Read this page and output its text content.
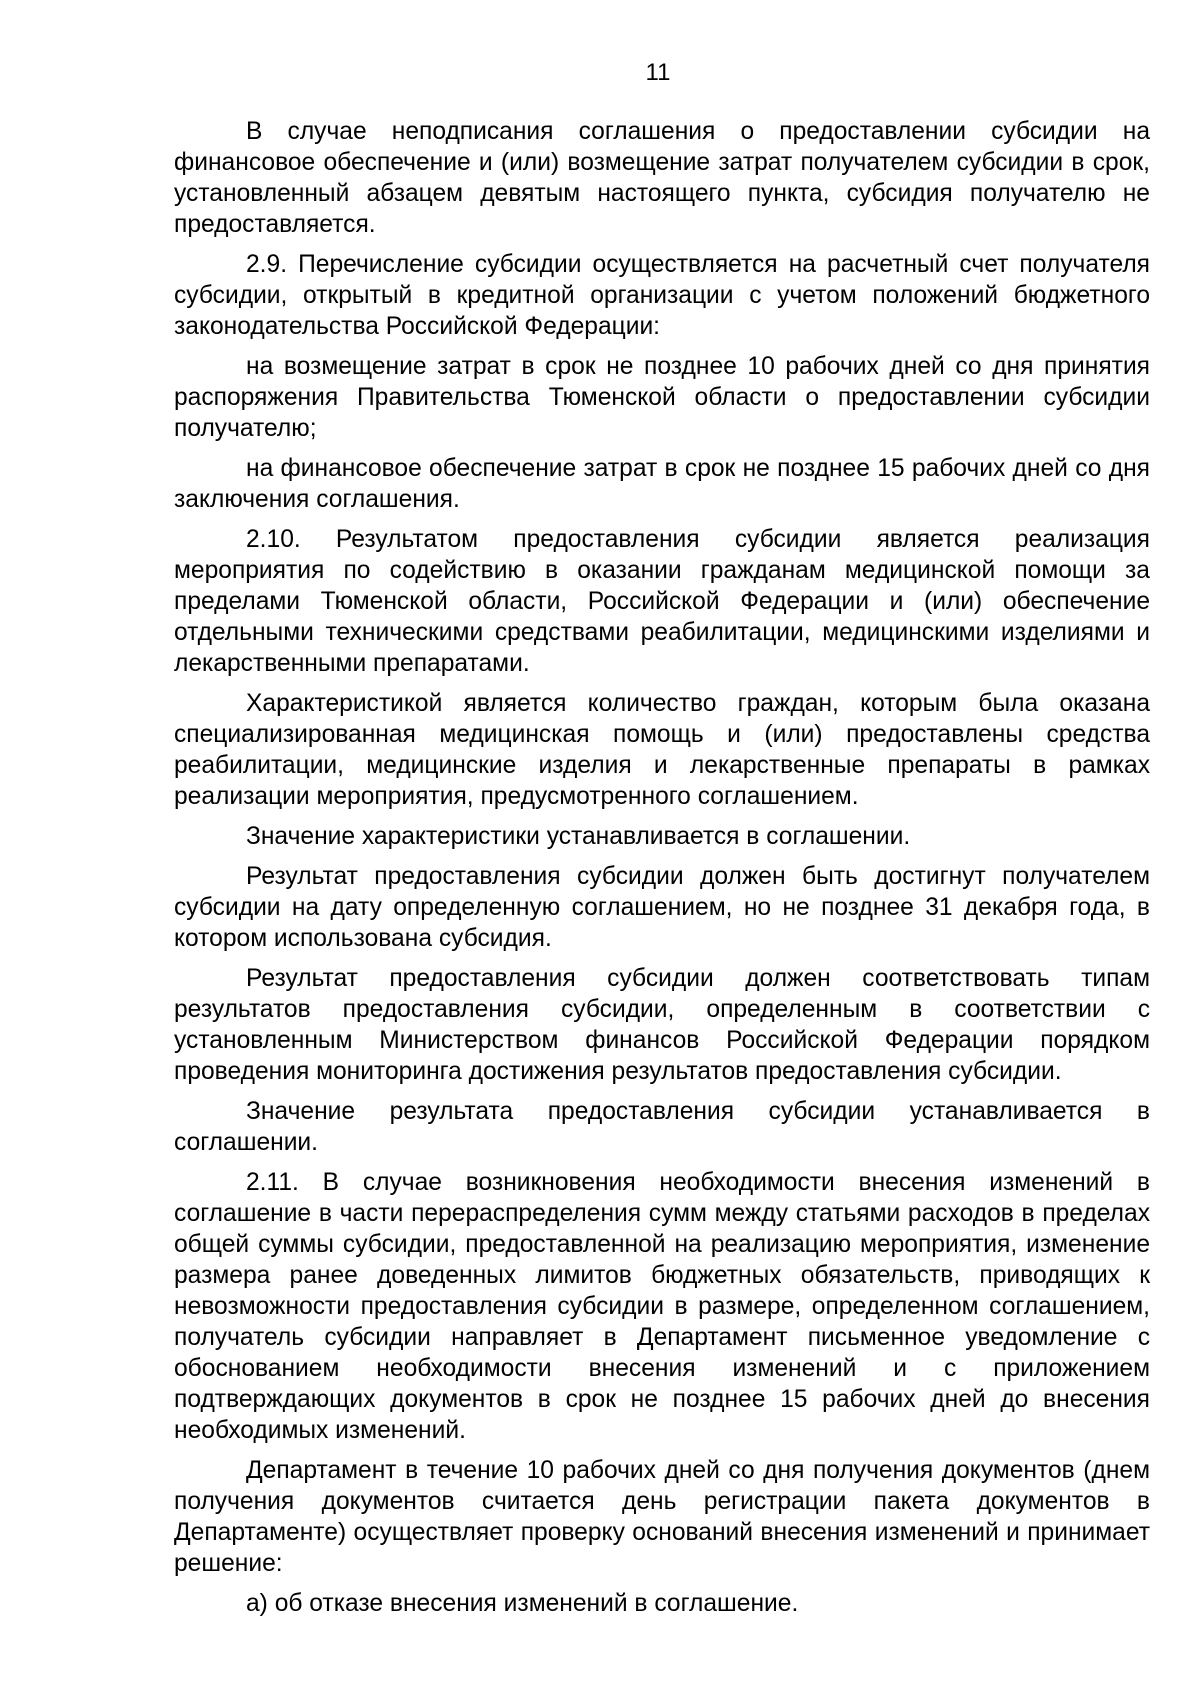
11

В случае неподписания соглашения о предоставлении субсидии на финансовое обеспечение и (или) возмещение затрат получателем субсидии в срок, установленный абзацем девятым настоящего пункта, субсидия получателю не предоставляется.

2.9. Перечисление субсидии осуществляется на расчетный счет получателя субсидии, открытый в кредитной организации с учетом положений бюджетного законодательства Российской Федерации:

на возмещение затрат в срок не позднее 10 рабочих дней со дня принятия распоряжения Правительства Тюменской области о предоставлении субсидии получателю;

на финансовое обеспечение затрат в срок не позднее 15 рабочих дней со дня заключения соглашения.

2.10. Результатом предоставления субсидии является реализация мероприятия по содействию в оказании гражданам медицинской помощи за пределами Тюменской области, Российской Федерации и (или) обеспечение отдельными техническими средствами реабилитации, медицинскими изделиями и лекарственными препаратами.

Характеристикой является количество граждан, которым была оказана специализированная медицинская помощь и (или) предоставлены средства реабилитации, медицинские изделия и лекарственные препараты в рамках реализации мероприятия, предусмотренного соглашением.

Значение характеристики устанавливается в соглашении.

Результат предоставления субсидии должен быть достигнут получателем субсидии на дату определенную соглашением, но не позднее 31 декабря года, в котором использована субсидия.

Результат предоставления субсидии должен соответствовать типам результатов предоставления субсидии, определенным в соответствии с установленным Министерством финансов Российской Федерации порядком проведения мониторинга достижения результатов предоставления субсидии.

Значение результата предоставления субсидии устанавливается в соглашении.

2.11. В случае возникновения необходимости внесения изменений в соглашение в части перераспределения сумм между статьями расходов в пределах общей суммы субсидии, предоставленной на реализацию мероприятия, изменение размера ранее доведенных лимитов бюджетных обязательств, приводящих к невозможности предоставления субсидии в размере, определенном соглашением, получатель субсидии направляет в Департамент письменное уведомление с обоснованием необходимости внесения изменений и с приложением подтверждающих документов в срок не позднее 15 рабочих дней до внесения необходимых изменений.

Департамент в течение 10 рабочих дней со дня получения документов (днем получения документов считается день регистрации пакета документов в Департаменте) осуществляет проверку оснований внесения изменений и принимает решение:

а) об отказе внесения изменений в соглашение.
